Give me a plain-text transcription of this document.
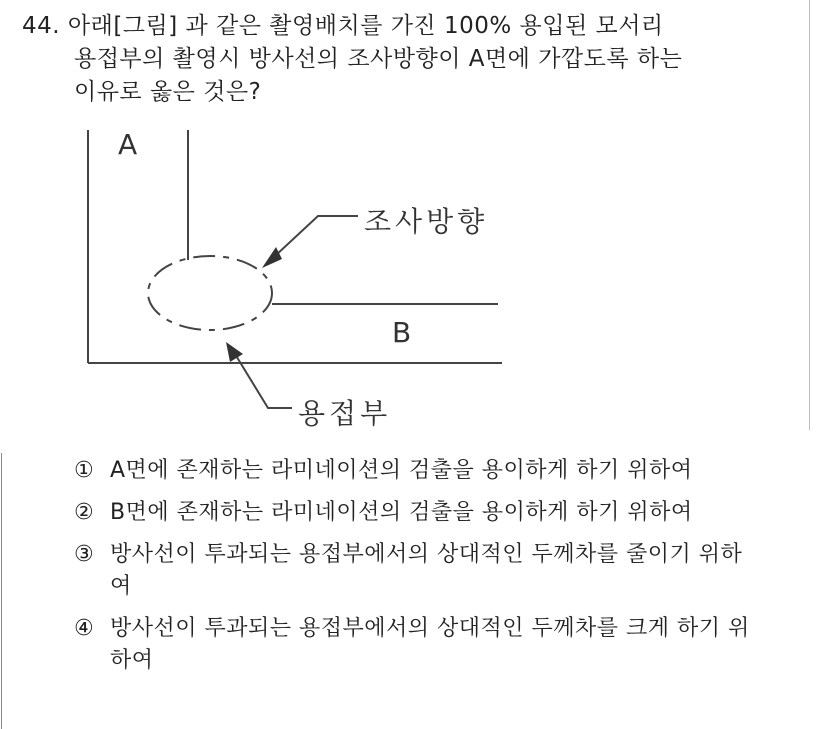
44. 아래[그림] 과 같은 촬영배치를 가진 100% 용입된 모서리
용접부의 촬영시 방사선의 조사방향이 A면에 가깝도록 하는
이유로 옳은 것은?
A
B
조사방향
용접부
① A면에 존재하는 라미네이션의 검출을 용이하게 하기 위하여
② B면에 존재하는 라미네이션의 검출을 용이하게 하기 위하여
③ 방사선이 투과되는 용접부에서의 상대적인 두께차를 줄이기 위하여
④ 방사선이 투과되는 용접부에서의 상대적인 두께차를 크게 하기 위하여
